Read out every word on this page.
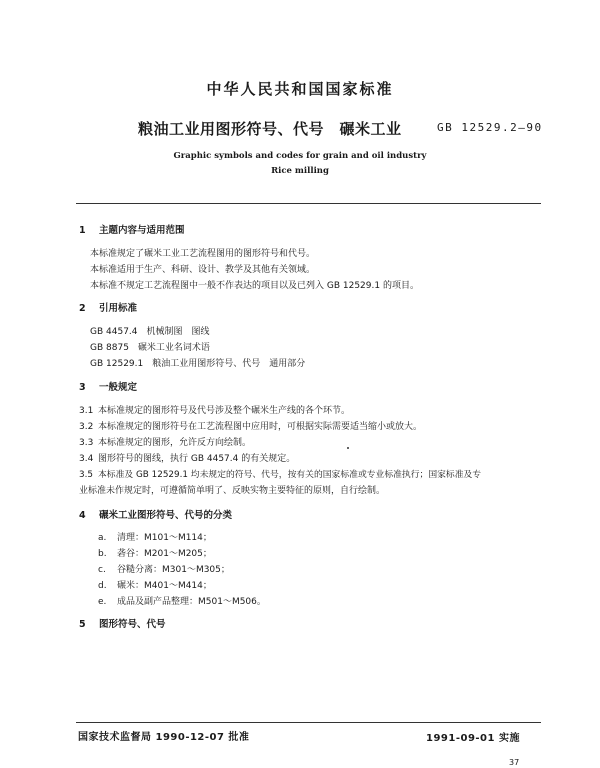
中华人民共和国国家标准
粮油工业用图形符号、代号　碾米工业	GB 12529.2—90
Graphic symbols and codes for grain and oil industry
Rice milling
1 主题内容与适用范围
本标准规定了碾米工业工艺流程图用的图形符号和代号。
本标准适用于生产、科研、设计、教学及其他有关领域。
本标准不规定工艺流程图中一般不作表达的项目以及已列入 GB 12529.1 的项目。
2 引用标准
GB 4457.4　机械制图　图线
GB 8875　碾米工业名词术语
GB 12529.1　粮油工业用图形符号、代号　通用部分
3 一般规定
3.1 本标准规定的图形符号及代号涉及整个碾米生产线的各个环节。
3.2 本标准规定的图形符号在工艺流程图中应用时，可根据实际需要适当缩小或放大。
3.3 本标准规定的图形，允许反方向绘制。
3.4 图形符号的图线，执行 GB 4457.4 的有关规定。
3.5 本标准及 GB 12529.1 均未规定的符号、代号，按有关的国家标准或专业标准执行；国家标准及专
业标准未作规定时，可遵循简单明了、反映实物主要特征的原则，自行绘制。
4 碾米工业图形符号、代号的分类
a. 清理：M101～M114；
b. 砻谷：M201～M205；
c. 谷糙分离：M301～M305；
d. 碾米：M401～M414；
e. 成品及副产品整理：M501～M506。
5 图形符号、代号
国家技术监督局 1990-12-07 批准	1991-09-01 实施
37
